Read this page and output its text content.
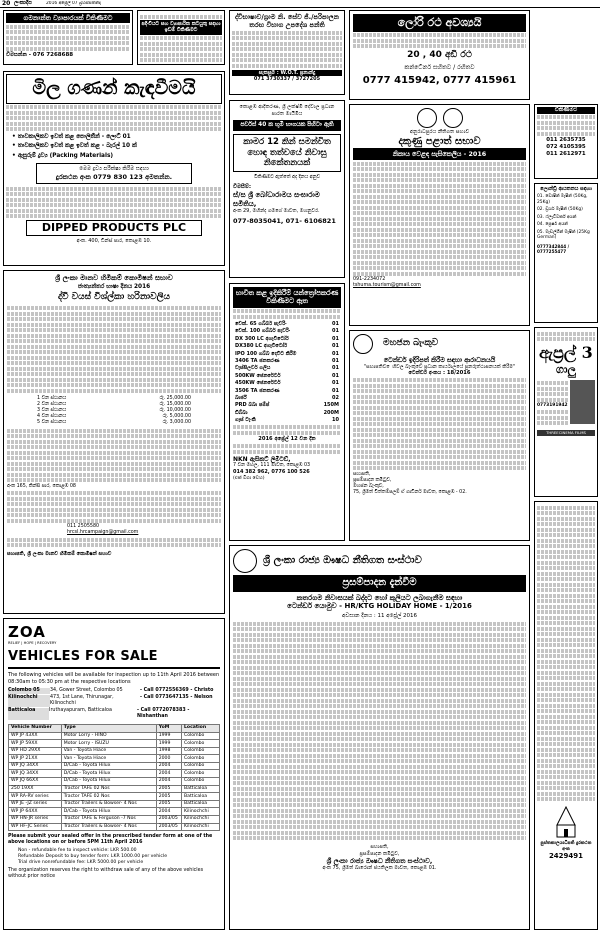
20 ලංකාදීප	2016 අප්‍රේල් 07 බ්‍රහස්පතින්දා
ගමනාන්ත ව්‍යාපාරයක් විකිණීමට
විමසන්න - 076 7268688
පදිංචියට සහ ව්‍යාපාරික කටයුතු සඳහා ඉඩම් විකිණීමට
මිල ගණන් කැඳවීමයි
• තාවකාලිකව ඉවත් කළ පොලිතීන් - ලොට් 01
• තාවකාලිකව ඉවත් කළ ඉවත් කළ - බැරල් 10 ක්
• ඇසුරුම් ද්‍රව්‍ය (Packing Materials)
මෙම ද්‍රව්‍ය පරීක්ෂා කිරීම සඳහා
දුරකථන අංක 0779 830 123 අමතන්න.
DIPPED PRODUCTS PLC
අංක. 400, ඩීන්ස් පාර, කොළඹ 10.
ශ්‍රී ලංකා මානව හිමිකම් කොමිෂන් සභාව
ජාත්‍යන්තර භාෂා දිනය 2016
ද්වි වයස් විශ්ල්කා හරිනාවලිය
1 වන ස්ථානය	රු. 25,000.00
2 වන ස්ථානය	රු. 15,000.00
3 වන ස්ථානය	රු. 10,000.00
4 වන ස්ථානය	රු. 5,000.00
5 වන ස්ථානය	රු. 3,000.00
අංක 165, කින්සි පාර, කොළඹ 08
011 2505580
hrcsl.hrcampaign@gmail.com
සභාපති, ශ්‍රී ලංකා මානව හිමිකම් කොමිෂන් සභාව
ZOA
RELIEF | HOPE | RECOVERY
VEHICLES FOR SALE
The following vehicles will be available for inspection up to 11th April 2016 between 08:30am to 05:30 pm at the respective locations
Colombo 05	34, Gower Street, Colombo 05	- Call 0772556369 - Christo
Kilinochchi	473, 1st Lane, Thirunagar, Kilinochchi
- Call 0773647135 - Nelson
Batticaloa	Iruthayapuram, Batticaloa	- Call 0772078383 - Nishanthan
Vehicle Number	Type	YoM	Location
WP JP 43XX	Motor Lorry - HINO	1999	Colombo
WP JP 59XX	Motor Lorry - ISUZU	1999	Colombo
WP HD 29XX	Van - Toyota Hiace	1998	Colombo
WP JP 21XX	Van - Toyota Hiace	2000	Colombo
WP JQ 34XX	D/Cab - Toyota Hilux	2004	Colombo
WP JQ 34XX	D/Cab - Toyota Hilux	2004	Colombo
WP JQ 66XX	D/Cab - Toyota Hilux	2004	Colombo
250 19XX	Tractor TAFE 02 Nos	2005	Batticaloa
WP RA-RV series	Tractor TAFE 02 Nos	2005	Batticaloa
WP JE -JZ series	Tractor Trailers & Bowser- 4 Nos	2005	Batticaloa
WP JP 64XX	D/Cab - Toyota Hilux	2004	Kilinochchi
WP HN-JR series	Tractor TAFE & Ferguson -7 Nos	2003/05	Kilinochchi
WP HF-JC Series	Tractor Trailers & Bowser- 4 Nos	2003/05	Kilinochchi
Please submit your sealed offer in the prescribed tender form at one of the above locations on or before 5PM 11th April 2016
Non - refundable fee to inspect vehicle: LKR 500.00
Refundable Deposit to buy tender form: LKR 1000.00 per vehicle
Trial drive nonrefundable fee: LKR 5000.00 per vehicle
The organization reserves the right to withdraw sale of any of the above vehicles without prior notice
ද්විභාෂාව/ග්‍රාම නි. සේව ජි./පරිපාලන තරඟ විභාග උපදේශ පන්ති
සැකසුම : W.O.T. ප්‍රනාන්දු
071 3730337 / 3727205
කොළඹ ආදිකරණ, ශ්‍රී ලක්ෂ්මී දේවාල ප්‍රධාන පාරත මායිමිය
පර්චස් 40 ක භූමි භාගයක පිහිටා ඇති
කාමර 12 කින් සමන්විත හොඳ තත්වයේ නිවාසු නිකේතනයක්
විකිණීමට ඇත්තේ අද දිනය අනුව
විමසීම්:
ස්/ස ශ්‍රී බෝධාරාමය සංඝාරාම සමිතිය,
අංක 29, මහින්ද ගමගේ මාවත, මහනුවර.
077-8035041, 071- 6106821
භාවිත කළ ඉදිකිරීම් යන්ත්‍රෝපකරණ විකිණීමට ඇත
වෙක්. 65 ගබ්බර් පැවරිං	01
වෙක්. 100 ගබ්බර් පැවරිං	01
DX 300 LC අගෑවිටෝර්	01
DX380 LC අගෑවිටෝර්	01
IPO 100 ගබ්බ දෙවිට කිරීම	01
3406 TA ජනකරණ	01
වැස්සිලවර් ගලිය	01
500KW ජෙනරේටර්	01
450KW ජෙනරේටර්	01
3506 TA ජනකරණ	01
බාර්ජ්	02
PRD බබා පම්ප්	150M
ඩිබ්බා	200M
ගෑස් ටැංකි	10
2016 අප්‍රේල් 12 වන දින
NKN ඇසිකට් ලිමිටඩ්,
7 වන මහල, 111 මාවත, කොළඹ 03
014 382 962, 0776 100 526
(එක් විගා වෙහ)
ලෝරි රථ අවශ්‍යයි
20 , 40 අඩි රථ
කන්ටේනර් සහිතව / රහිතව
0777 415942, 0777 415961
අනුරාධපුරය නීතිගත සභාව
දකුණු පළාත් සභාව
නිකාය වෙළඳ සැසිකෙලිය - 2016
091-2234072
tshuma.tourism@gmail.com
මහජන බැංකුව
ටෙන්ඩර් ඉදිරිපත් කිරීම සඳහා ආරාධනයයි
"සභාපතිව ෙහිවල බැංකුවේ ප්‍රධාන කාර්යාලයේ පුනරුත්ථාපනයක් කිරීම"
ටෙන්ඩර් අංකය : 18/2016
සභාපති,
ප්‍රසම්පාදන කමිටුව,
මහජන බැංකුව,
75, ශ්‍රීමත් චිත්තම්පලම් ඒ ගාඩිනර් මාවත, කොළඹ - 02.
ශ්‍රී ලංකා රාජ්‍ය ඖෂධ නීතිගත සංස්ථාව
ප්‍රසම්පාදන දැන්වීම
කතරගම නිවාසයක් බද්දට හෝ කුලියට ලබාගැනීම සඳහා
ටෙන්ඩර් යොමුව - HR/KTG HOLIDAY HOME - 1/2016
අවසාන දිනය : 11 අප්‍රේල් 2016
සභාපති,
ප්‍රසම්පාදන කමිටුව,
ශ්‍රී ලංකා රාජ්‍ය ඖෂධ නීතිගත සංස්ථාව,
අංක 75, ශ්‍රීමත් බාරොන් ජයතිලක මාවත, කොළඹ 01.
විකිණීමට
011 2635735
072 4105395
011 2612971
ලොන්ඩ්‍රි ආයතනය සඳහා
01. වොෂින් මැෂින් (50Kg, 25Kg)
02. ඩ්‍රයර් මැෂින් (50Kg)
03. ෆ්ලැට්වර්ක් අයන්
04. ප්‍රෙෂර් අයන්
05. මැඩල්ගින් මැෂින් (25Kg German)
0777342844 / 0777255477
ඇප්‍රල් 3
ගාලු
0773191942
THREECINEMA FILMS
පුස්තකාලයාධිපති දුරකථන අංක
2429491
